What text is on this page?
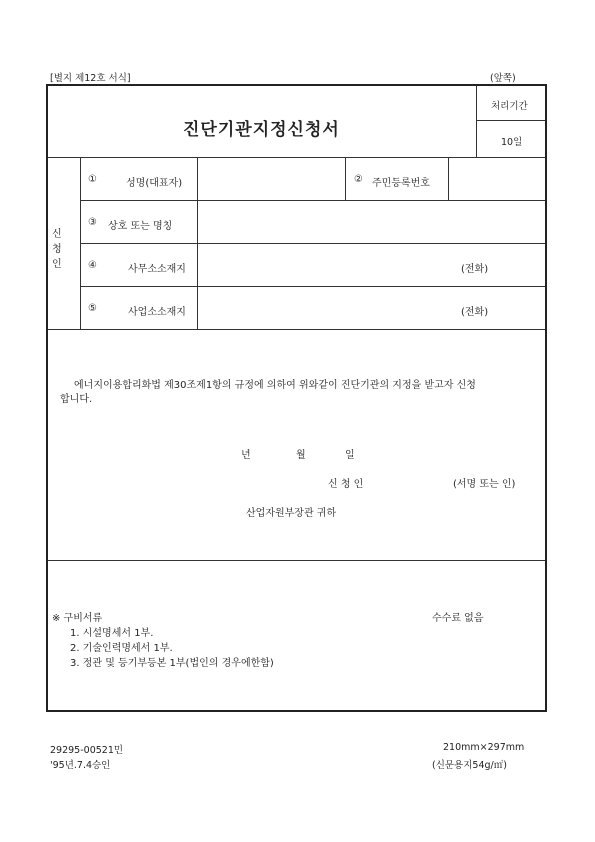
[별지 제12호 서식]	(앞쪽)
진단기관지정신청서
처리기간
10일
신
청
인
①	성명(대표자)	② 주민등록번호
③ 상호 또는 명칭
④	사무소소재지	(전화)
⑤	사업소소재지	(전화)
에너지이용합리화법 제30조제1항의 규정에 의하여 위와같이 진단기관의 지정을 받고자 신청
합니다.
년	월	일
신 청 인	(서명 또는 인)
산업자원부장관 귀하
※ 구비서류	수수료 없음
1. 시설명세서 1부.
2. 기술인력명세서 1부.
3. 정관 및 등기부등본 1부(법인의 경우에한함)
29295-00521민
'95년.7.4승인
210mm×297mm
(신문용지54g/㎡)
